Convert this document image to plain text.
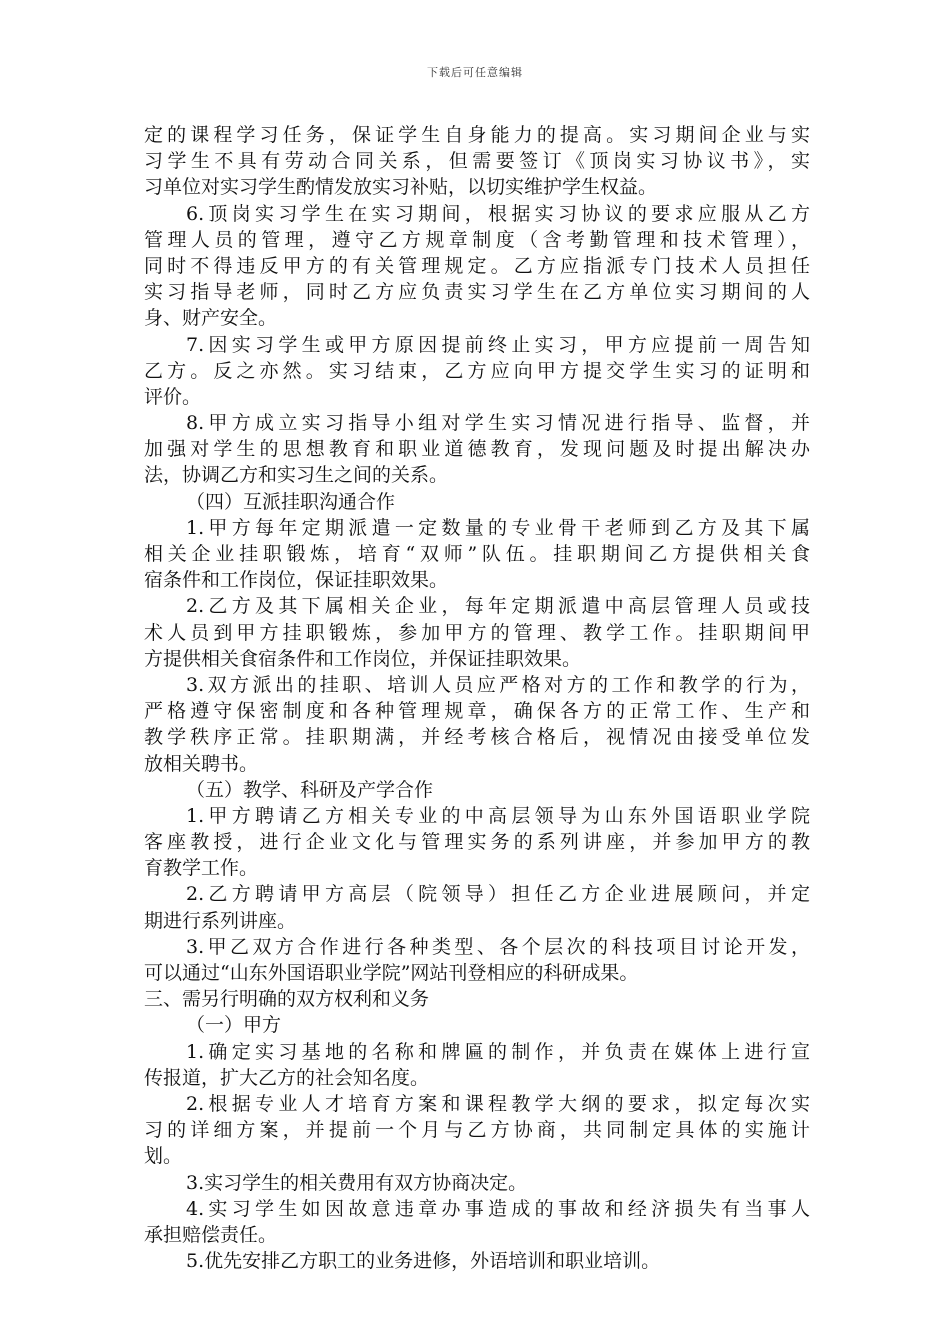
下载后可任意编辑
定的课程学习任务，保证学生自身能力的提高。实习期间企业与实
习学生不具有劳动合同关系，但需要签订《顶岗实习协议书》，实
习单位对实习学生酌情发放实习补贴，以切实维护学生权益。
6.顶岗实习学生在实习期间，根据实习协议的要求应服从乙方
管理人员的管理，遵守乙方规章制度（含考勤管理和技术管理），
同时不得违反甲方的有关管理规定。乙方应指派专门技术人员担任
实习指导老师，同时乙方应负责实习学生在乙方单位实习期间的人
身、财产安全。
7.因实习学生或甲方原因提前终止实习，甲方应提前一周告知
乙方。反之亦然。实习结束，乙方应向甲方提交学生实习的证明和
评价。
8.甲方成立实习指导小组对学生实习情况进行指导、监督，并
加强对学生的思想教育和职业道德教育，发现问题及时提出解决办
法，协调乙方和实习生之间的关系。
（四）互派挂职沟通合作
1.甲方每年定期派遣一定数量的专业骨干老师到乙方及其下属
相关企业挂职锻炼，培育“双师”队伍。挂职期间乙方提供相关食
宿条件和工作岗位，保证挂职效果。
2.乙方及其下属相关企业，每年定期派遣中高层管理人员或技
术人员到甲方挂职锻炼，参加甲方的管理、教学工作。挂职期间甲
方提供相关食宿条件和工作岗位，并保证挂职效果。
3.双方派出的挂职、培训人员应严格对方的工作和教学的行为，
严格遵守保密制度和各种管理规章，确保各方的正常工作、生产和
教学秩序正常。挂职期满，并经考核合格后，视情况由接受单位发
放相关聘书。
（五）教学、科研及产学合作
1.甲方聘请乙方相关专业的中高层领导为山东外国语职业学院
客座教授，进行企业文化与管理实务的系列讲座，并参加甲方的教
育教学工作。
2.乙方聘请甲方高层（院领导）担任乙方企业进展顾问，并定
期进行系列讲座。
3.甲乙双方合作进行各种类型、各个层次的科技项目讨论开发，
可以通过“山东外国语职业学院”网站刊登相应的科研成果。
三、需另行明确的双方权利和义务
（一）甲方
1.确定实习基地的名称和牌匾的制作，并负责在媒体上进行宣
传报道，扩大乙方的社会知名度。
2.根据专业人才培育方案和课程教学大纲的要求，拟定每次实
习的详细方案，并提前一个月与乙方协商，共同制定具体的实施计
划。
3.实习学生的相关费用有双方协商决定。
4.实习学生如因故意违章办事造成的事故和经济损失有当事人
承担赔偿责任。
5.优先安排乙方职工的业务进修，外语培训和职业培训。
